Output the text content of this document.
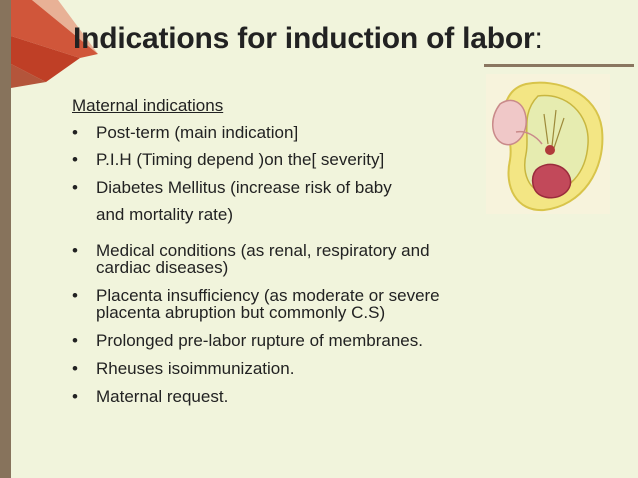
Indications for induction of labor:
Maternal indications
• Post-term (main indication]
• P.I.H (Timing depend )on the[ severity]
• Diabetes Mellitus (increase risk of baby
and mortality rate)
• Medical conditions (as renal, respiratory and
cardiac diseases)
• Placenta insufficiency (as moderate or severe
placenta abruption but commonly C.S)
• Prolonged pre-labor rupture of membranes.
• Rheuses isoimmunization.
• Maternal request.
